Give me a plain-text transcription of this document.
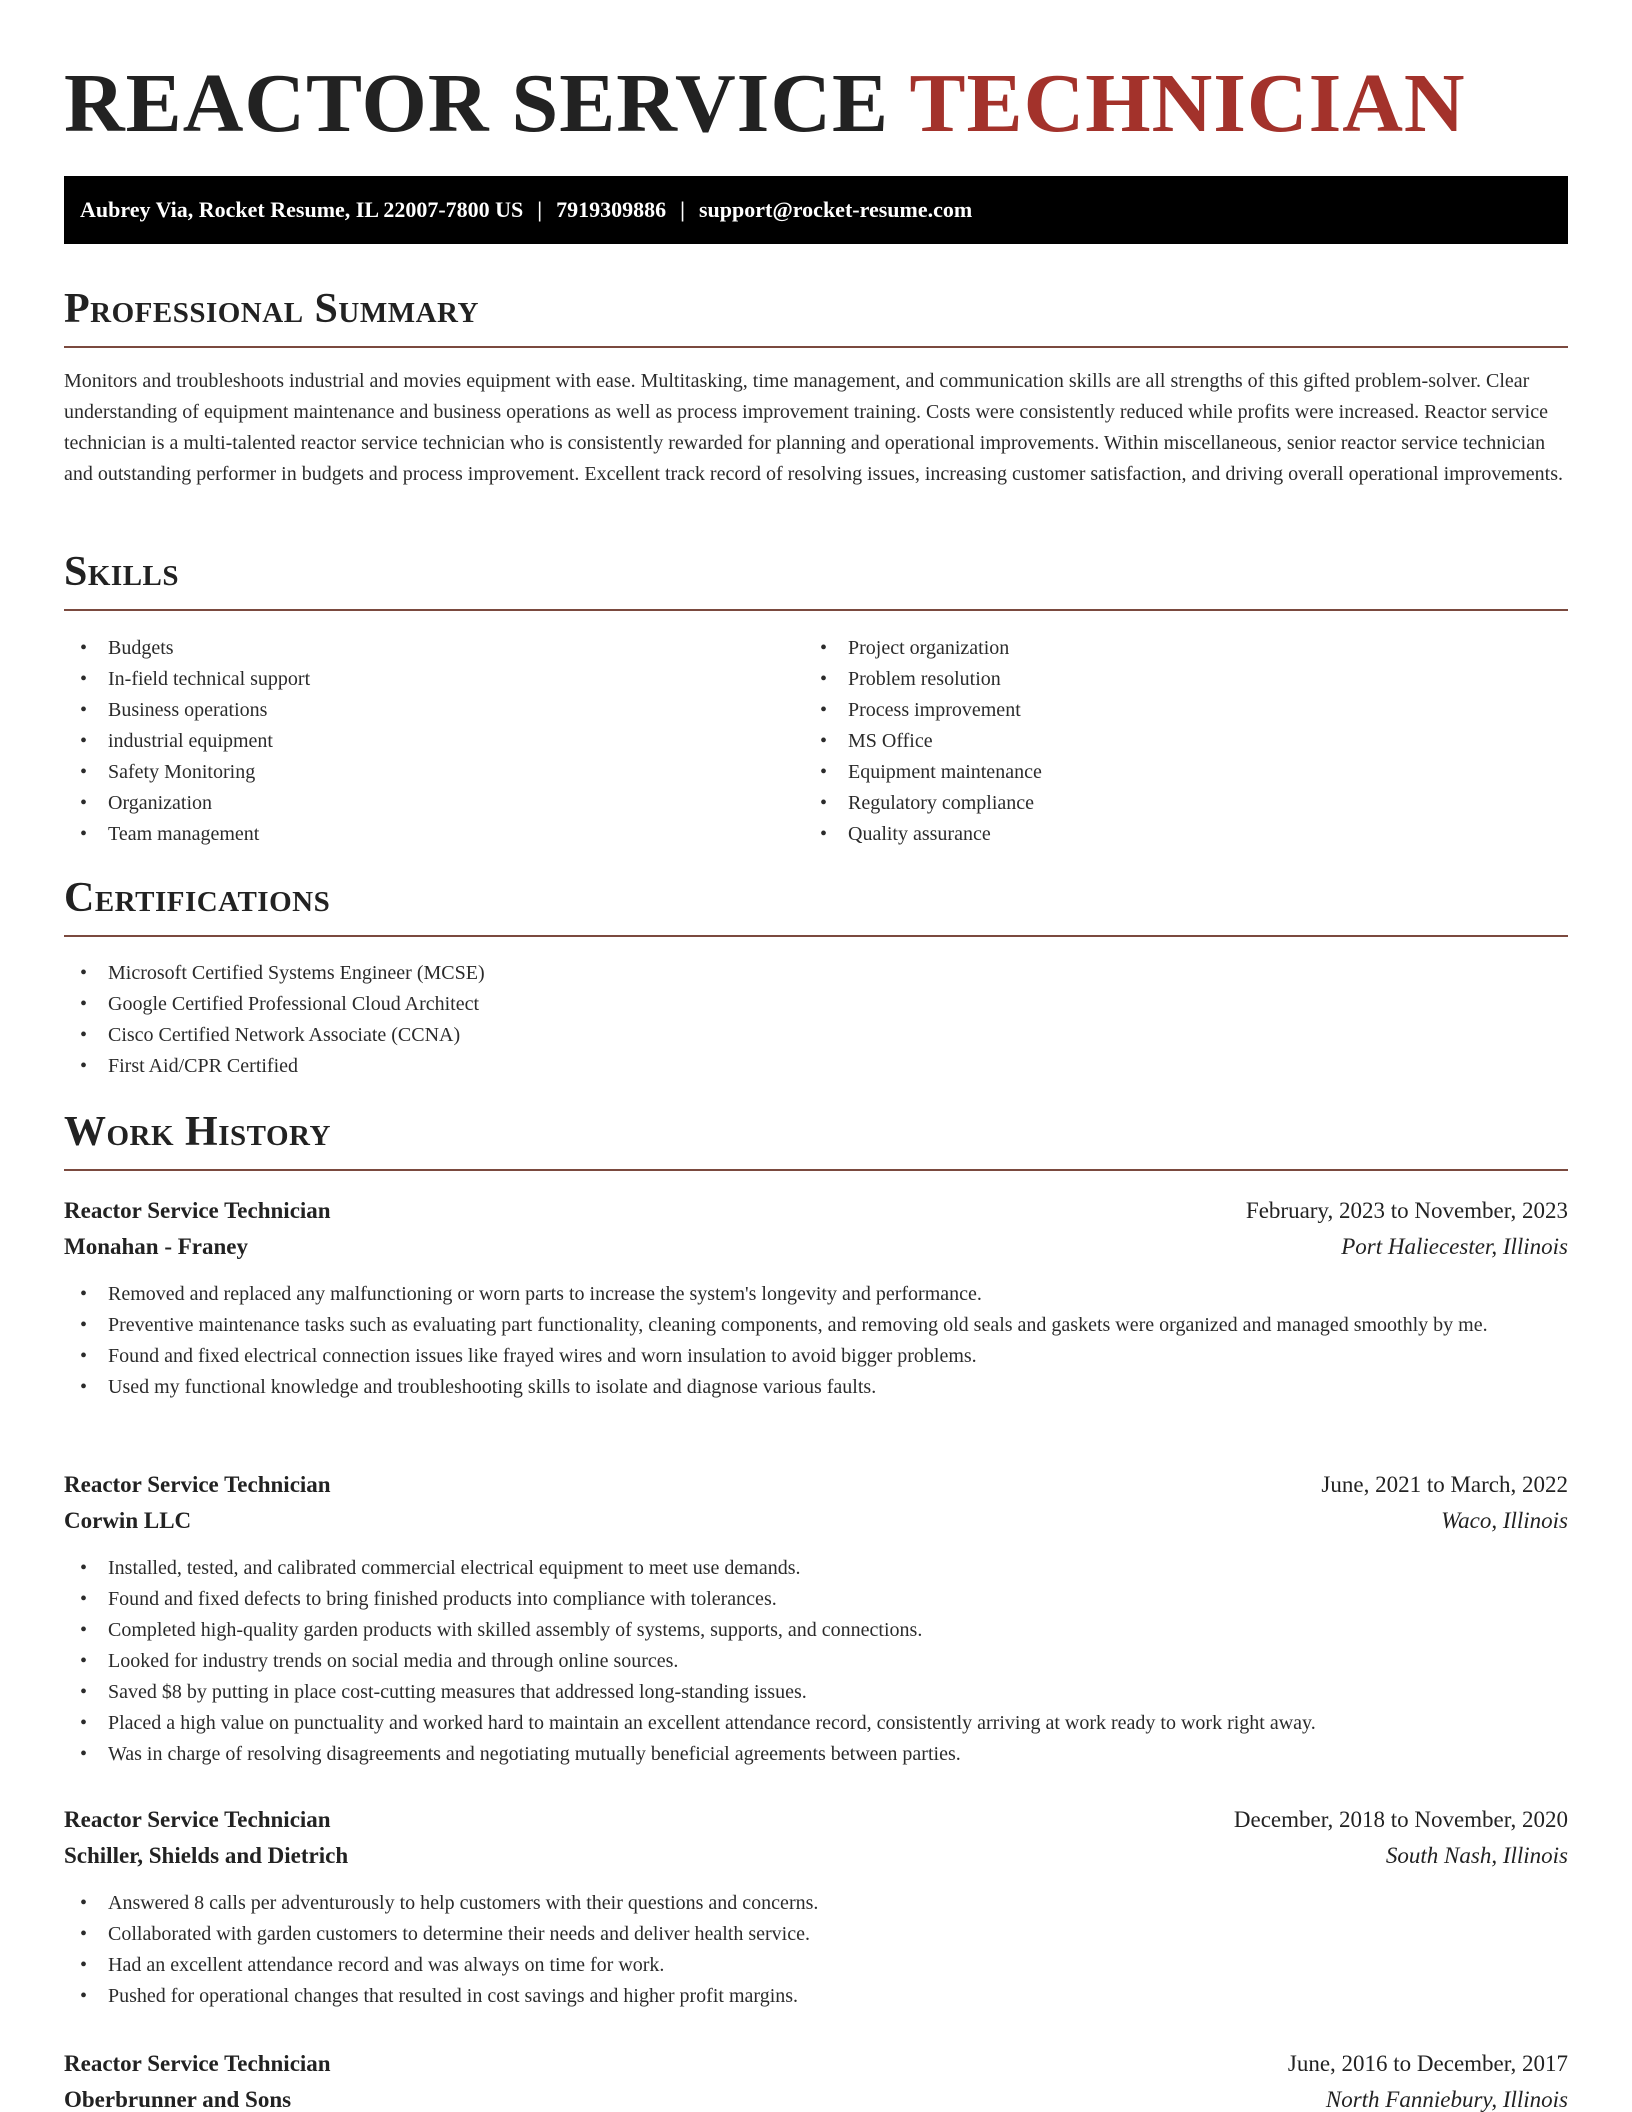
REACTOR SERVICE TECHNICIAN
Aubrey Via, Rocket Resume, IL 22007-7800 US | 7919309886 | support@rocket-resume.com
Professional Summary

Monitors and troubleshoots industrial and movies equipment with ease. Multitasking, time management, and communication skills are all strengths of this gifted problem-solver. Clear understanding of equipment maintenance and business operations as well as process improvement training. Costs were consistently reduced while profits were increased. Reactor service technician is a multi-talented reactor service technician who is consistently rewarded for planning and operational improvements. Within miscellaneous, senior reactor service technician and outstanding performer in budgets and process improvement. Excellent track record of resolving issues, increasing customer satisfaction, and driving overall operational improvements.

Skills
• Budgets
• In-field technical support
• Business operations
• industrial equipment
• Safety Monitoring
• Organization
• Team management
• Project organization
• Problem resolution
• Process improvement
• MS Office
• Equipment maintenance
• Regulatory compliance
• Quality assurance
Certifications
• Microsoft Certified Systems Engineer (MCSE)
• Google Certified Professional Cloud Architect
• Cisco Certified Network Associate (CCNA)
• First Aid/CPR Certified
Work History
Reactor Service Technician	February, 2023 to November, 2023
Monahan - Franey	Port Haliecester, Illinois
• Removed and replaced any malfunctioning or worn parts to increase the system's longevity and performance.
• Preventive maintenance tasks such as evaluating part functionality, cleaning components, and removing old seals and gaskets were organized and managed smoothly by me.
• Found and fixed electrical connection issues like frayed wires and worn insulation to avoid bigger problems.
• Used my functional knowledge and troubleshooting skills to isolate and diagnose various faults.
Reactor Service Technician	June, 2021 to March, 2022
Corwin LLC	Waco, Illinois
• Installed, tested, and calibrated commercial electrical equipment to meet use demands.
• Found and fixed defects to bring finished products into compliance with tolerances.
• Completed high-quality garden products with skilled assembly of systems, supports, and connections.
• Looked for industry trends on social media and through online sources.
• Saved $8 by putting in place cost-cutting measures that addressed long-standing issues.
• Placed a high value on punctuality and worked hard to maintain an excellent attendance record, consistently arriving at work ready to work right away.
• Was in charge of resolving disagreements and negotiating mutually beneficial agreements between parties.
Reactor Service Technician	December, 2018 to November, 2020
Schiller, Shields and Dietrich	South Nash, Illinois
• Answered 8 calls per adventurously to help customers with their questions and concerns.
• Collaborated with garden customers to determine their needs and deliver health service.
• Had an excellent attendance record and was always on time for work.
• Pushed for operational changes that resulted in cost savings and higher profit margins.
Reactor Service Technician	June, 2016 to December, 2017
Oberbrunner and Sons	North Fanniebury, Illinois
